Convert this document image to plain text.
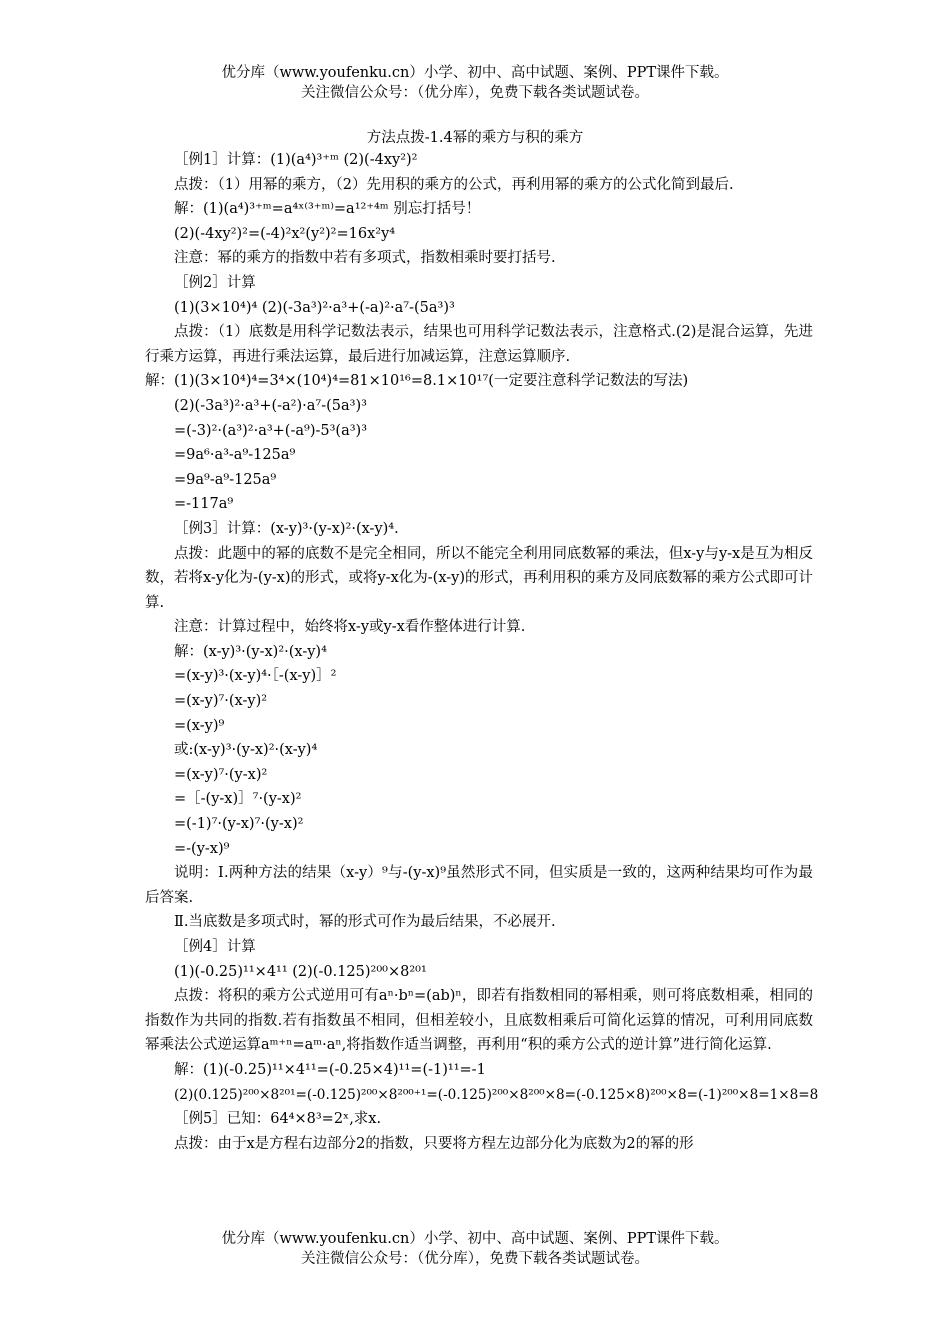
优分库（www.youfenku.cn）小学、初中、高中试题、案例、PPT课件下载。
关注微信公众号：（优分库），免费下载各类试题试卷。
方法点拨-1.4幂的乘方与积的乘方

［例1］计算：(1)(a⁴)³⁺ᵐ (2)(-4xy²)²

点拨：（1）用幂的乘方，（2）先用积的乘方的公式，再利用幂的乘方的公式化简到最后.

解：(1)(a⁴)³⁺ᵐ=a⁴ˣ⁽³⁺ᵐ⁾=a¹²⁺⁴ᵐ 别忘打括号！

(2)(-4xy²)²=(-4)²x²(y²)²=16x²y⁴

注意：幂的乘方的指数中若有多项式，指数相乘时要打括号.

［例2］计算

(1)(3×10⁴)⁴ (2)(-3a³)²·a³+(-a)²·a⁷-(5a³)³

点拨：（1）底数是用科学记数法表示，结果也可用科学记数法表示，注意格式.(2)是混合运算，先进行乘方运算，再进行乘法运算，最后进行加减运算，注意运算顺序.

解：(1)(3×10⁴)⁴=3⁴×(10⁴)⁴=81×10¹⁶=8.1×10¹⁷(一定要注意科学记数法的写法)

(2)(-3a³)²·a³+(-a²)·a⁷-(5a³)³

=(-3)²·(a³)²·a³+(-a⁹)-5³(a³)³

=9a⁶·a³-a⁹-125a⁹

=9a⁹-a⁹-125a⁹

=-117a⁹

［例3］计算：(x-y)³·(y-x)²·(x-y)⁴.

点拨：此题中的幂的底数不是完全相同，所以不能完全利用同底数幂的乘法，但x-y与y-x是互为相反数，若将x-y化为-(y-x)的形式，或将y-x化为-(x-y)的形式，再利用积的乘方及同底数幂的乘方公式即可计算.

注意：计算过程中，始终将x-y或y-x看作整体进行计算.

解：(x-y)³·(y-x)²·(x-y)⁴

=(x-y)³·(x-y)⁴·［-(x-y)］²

=(x-y)⁷·(x-y)²

=(x-y)⁹

或:(x-y)³·(y-x)²·(x-y)⁴

=(x-y)⁷·(y-x)²

=［-(y-x)］⁷·(y-x)²

=(-1)⁷·(y-x)⁷·(y-x)²

=-(y-x)⁹

说明：Ⅰ.两种方法的结果（x-y）⁹与-(y-x)⁹虽然形式不同，但实质是一致的，这两种结果均可作为最后答案.

Ⅱ.当底数是多项式时，幂的形式可作为最后结果，不必展开.

［例4］计算

(1)(-0.25)¹¹×4¹¹ (2)(-0.125)²⁰⁰×8²⁰¹

点拨：将积的乘方公式逆用可有aⁿ·bⁿ=(ab)ⁿ，即若有指数相同的幂相乘，则可将底数相乘，相同的指数作为共同的指数.若有指数虽不相同，但相差较小，且底数相乘后可简化运算的情况，可利用同底数幂乘法公式逆运算aᵐ⁺ⁿ=aᵐ·aⁿ,将指数作适当调整，再利用“积的乘方公式的逆计算”进行简化运算.

解：(1)(-0.25)¹¹×4¹¹=(-0.25×4)¹¹=(-1)¹¹=-1

(2)(0.125)²⁰⁰×8²⁰¹=(-0.125)²⁰⁰×8²⁰⁰⁺¹=(-0.125)²⁰⁰×8²⁰⁰×8=(-0.125×8)²⁰⁰×8=(-1)²⁰⁰×8=1×8=8

［例5］已知：64⁴×8³=2ˣ,求x.

点拨：由于x是方程右边部分2的指数，只要将方程左边部分化为底数为2的幂的形

优分库（www.youfenku.cn）小学、初中、高中试题、案例、PPT课件下载。
关注微信公众号：（优分库），免费下载各类试题试卷。
